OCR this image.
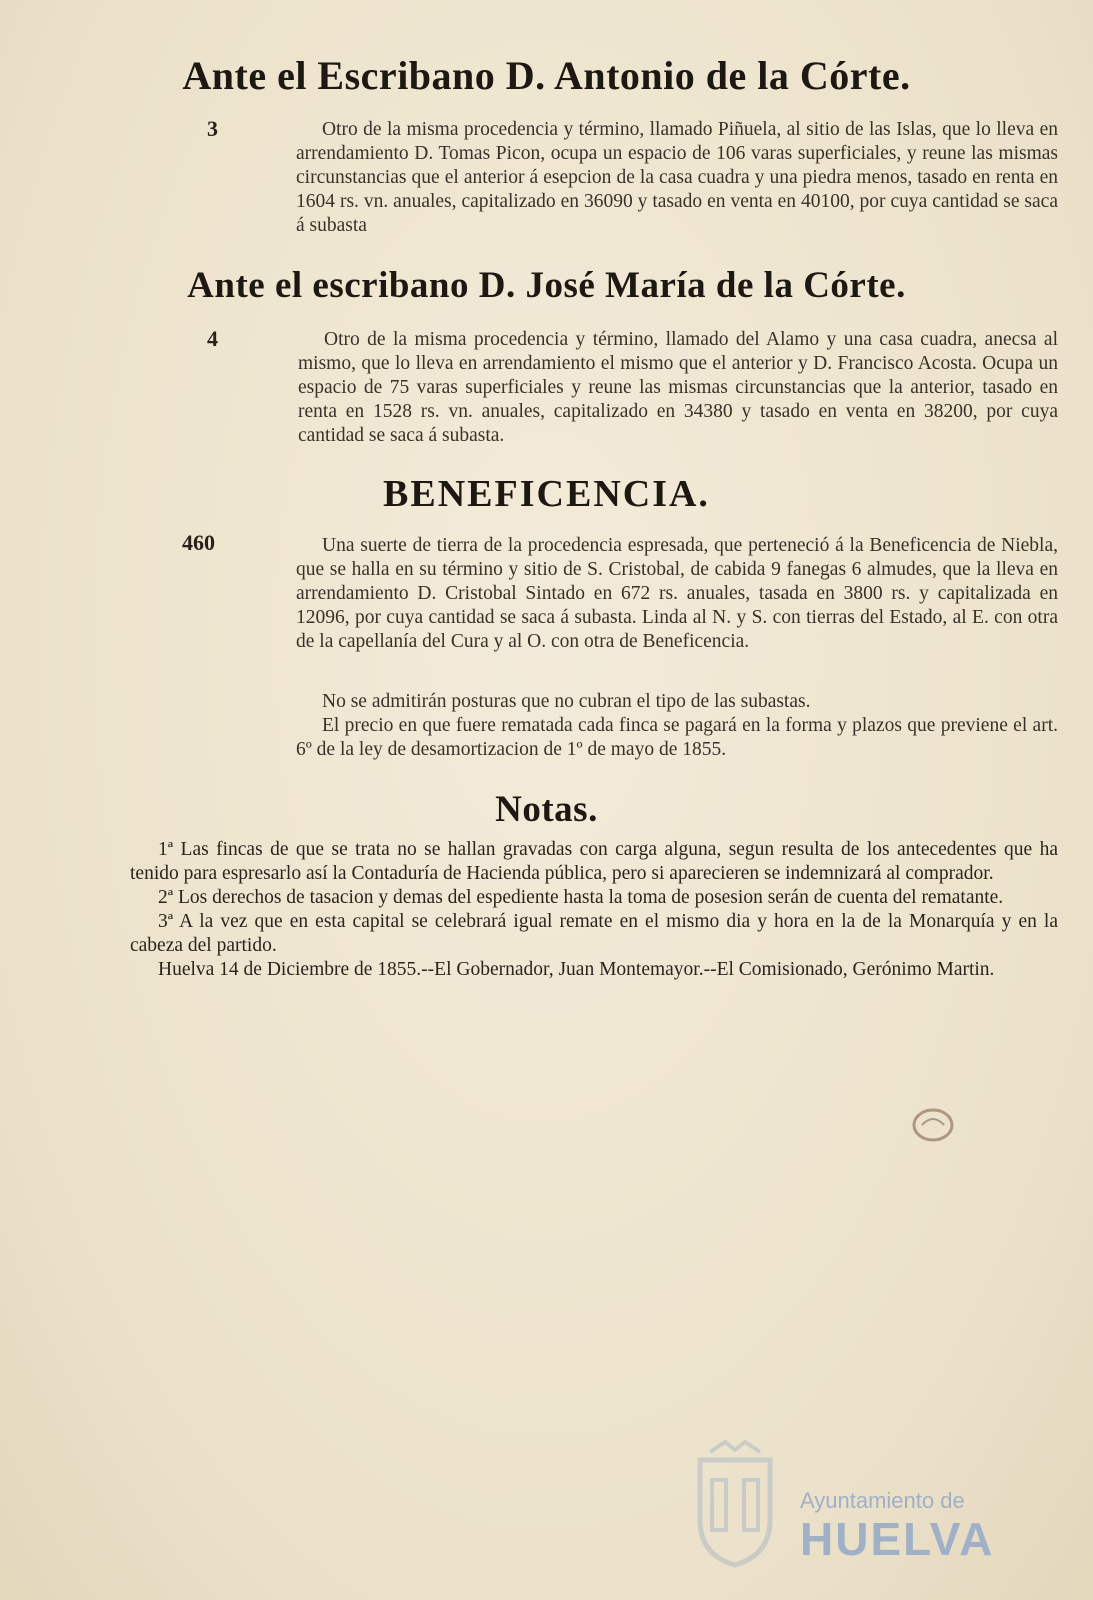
Ante el Escribano D. Antonio de la Córte.
3	Otro de la misma procedencia y término, llamado Piñuela, al sitio de las Islas, que lo lleva en arrendamiento D. Tomas Picon, ocupa un espacio de 106 varas superficiales, y reune las mismas circunstancias que el anterior á esepcion de la casa cuadra y una piedra menos, tasado en renta en 1604 rs. vn. anuales, capitalizado en 36090 y tasado en venta en 40100, por cuya cantidad se saca á subasta
Ante el escribano D. José María de la Córte.
4	Otro de la misma procedencia y término, llamado del Alamo y una casa cuadra, anecsa al mismo, que lo lleva en arrendamiento el mismo que el anterior y D. Francisco Acosta. Ocupa un espacio de 75 varas superficiales y reune las mismas circunstancias que la anterior, tasado en renta en 1528 rs. vn. anuales, capitalizado en 34380 y tasado en venta en 38200, por cuya cantidad se saca á subasta.
BENEFICENCIA.
460	Una suerte de tierra de la procedencia espresada, que perteneció á la Beneficencia de Niebla, que se halla en su término y sitio de S. Cristobal, de cabida 9 fanegas 6 almudes, que la lleva en arrendamiento D. Cristobal Sintado en 672 rs. anuales, tasada en 3800 rs. y capitalizada en 12096, por cuya cantidad se saca á subasta. Linda al N. y S. con tierras del Estado, al E. con otra de la capellanía del Cura y al O. con otra de Beneficencia.
No se admitirán posturas que no cubran el tipo de las subastas.
El precio en que fuere rematada cada finca se pagará en la forma y plazos que previene el art. 6º de la ley de desamortizacion de 1º de mayo de 1855.
Notas.

1ª Las fincas de que se trata no se hallan gravadas con carga alguna, segun resulta de los antecedentes que ha tenido para espresarlo así la Contaduría de Hacienda pública, pero si aparecieren se indemnizará al comprador.

2ª Los derechos de tasacion y demas del espediente hasta la toma de posesion serán de cuenta del rematante.

3ª A la vez que en esta capital se celebrará igual remate en el mismo dia y hora en la de la Monarquía y en la cabeza del partido.

Huelva 14 de Diciembre de 1855.--El Gobernador, Juan Montemayor.--El Comisionado, Gerónimo Martin.

Ayuntamiento de
HUELVA
